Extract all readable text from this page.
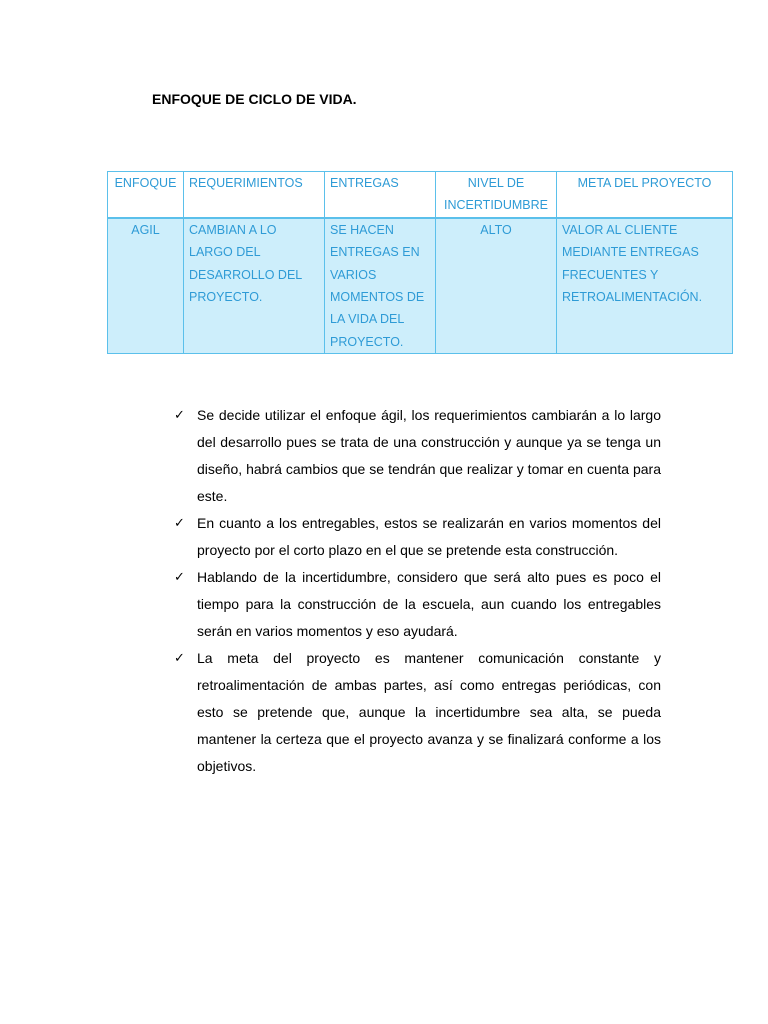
ENFOQUE DE CICLO DE VIDA.
ENFOQUE	REQUERIMIENTOS	ENTREGAS	NIVEL DE INCERTIDUMBRE	META DEL PROYECTO
AGIL	CAMBIAN A LO LARGO DEL DESARROLLO DEL PROYECTO.	SE HACEN ENTREGAS EN VARIOS MOMENTOS DE LA VIDA DEL PROYECTO.	ALTO	VALOR AL CLIENTE MEDIANTE ENTREGAS FRECUENTES Y RETROALIMENTACIÓN.
✓ Se decide utilizar el enfoque ágil, los requerimientos cambiarán a lo largo del desarrollo pues se trata de una construcción y aunque ya se tenga un diseño, habrá cambios que se tendrán que realizar y tomar en cuenta para este.
✓ En cuanto a los entregables, estos se realizarán en varios momentos del proyecto por el corto plazo en el que se pretende esta construcción.
✓ Hablando de la incertidumbre, considero que será alto pues es poco el tiempo para la construcción de la escuela, aun cuando los entregables serán en varios momentos y eso ayudará.
✓ La meta del proyecto es mantener comunicación constante y retroalimentación de ambas partes, así como entregas periódicas, con esto se pretende que, aunque la incertidumbre sea alta, se pueda mantener la certeza que el proyecto avanza y se finalizará conforme a los objetivos.
